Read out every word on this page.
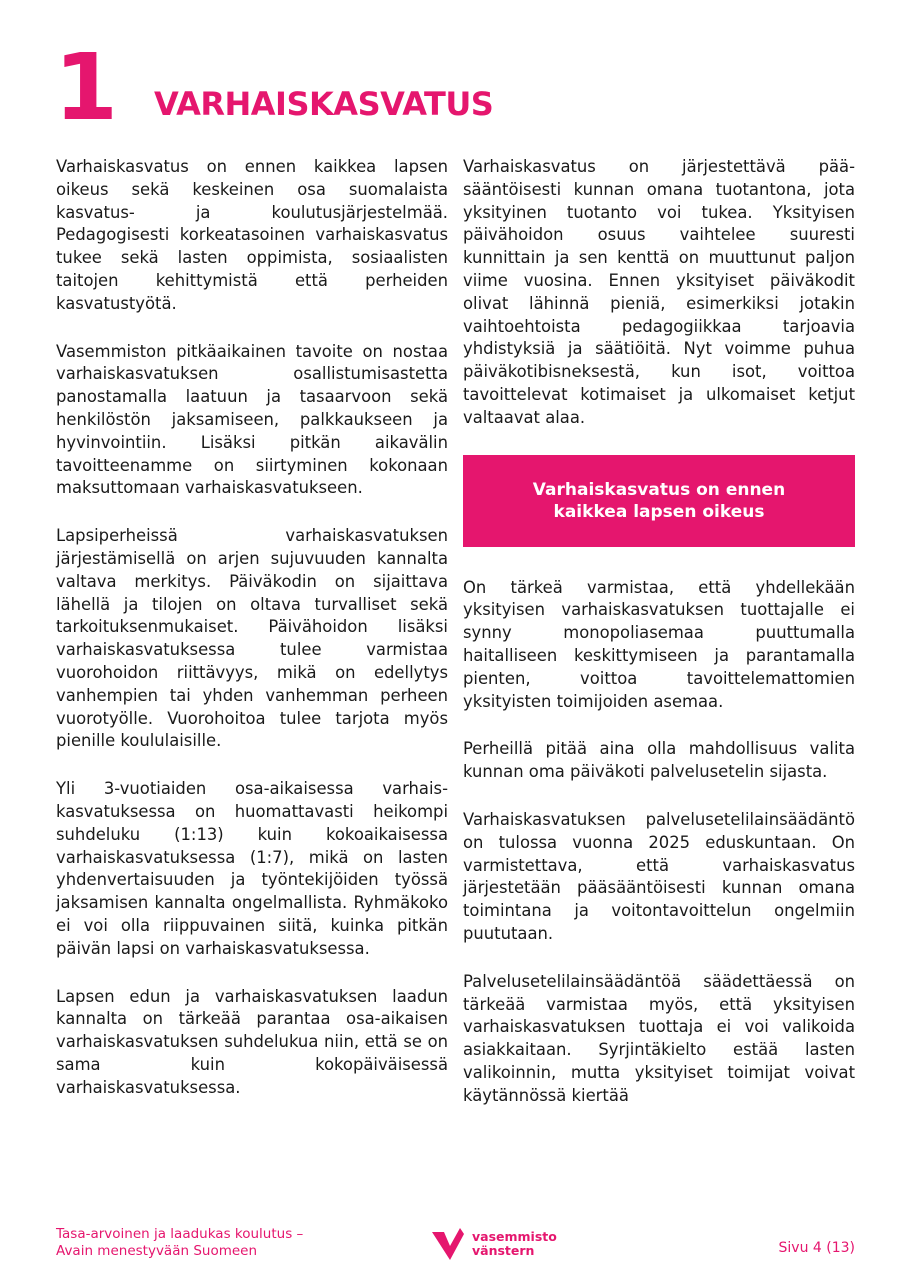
1 VARHAISKASVATUS

Varhaiskasvatus on ennen kaikkea lapsen oikeus sekä keskeinen osa suomalaista kasvatus- ja koulutusjärjestelmää. Pedagogisesti korkeatasoinen varhaiskasvatus tukee sekä lasten oppimista, sosiaalisten taitojen kehittymistä että perheiden kasvatustyötä.

Vasemmiston pitkäaikainen tavoite on nostaa varhaiskasvatuksen osallistumisastetta panostamalla laatuun ja tasaarvoon sekä henkilöstön jaksamiseen, palkkaukseen ja hyvinvointiin. Lisäksi pitkän aikavälin tavoitteenamme on siirtyminen kokonaan maksuttomaan varhaiskasvatukseen.

Lapsiperheissä varhaiskasvatuksen järjestämisellä on arjen sujuvuuden kannalta valtava merkitys. Päiväkodin on sijaittava lähellä ja tilojen on oltava turvalliset sekä tarkoituksenmukaiset. Päivähoidon lisäksi varhaiskasvatuksessa tulee varmistaa vuorohoidon riittävyys, mikä on edellytys vanhempien tai yhden vanhemman perheen vuorotyölle. Vuorohoitoa tulee tarjota myös pienille koululaisille.

Yli 3-vuotiaiden osa-aikaisessa varhaiskasvatuksessa on huomattavasti heikompi suhdeluku (1:13) kuin kokoaikaisessa varhaiskasvatuksessa (1:7), mikä on lasten yhdenvertaisuuden ja työntekijöiden työssä jaksamisen kannalta ongelmallista. Ryhmäkoko ei voi olla riippuvainen siitä, kuinka pitkän päivän lapsi on varhaiskasvatuksessa.

Lapsen edun ja varhaiskasvatuksen laadun kannalta on tärkeää parantaa osa-aikaisen varhaiskasvatuksen suhdelukua niin, että se on sama kuin kokopäiväisessä varhaiskasvatuksessa.

Varhaiskasvatus on järjestettävä pääsääntöisesti kunnan omana tuotantona, jota yksityinen tuotanto voi tukea. Yksityisen päivähoidon osuus vaihtelee suuresti kunnittain ja sen kenttä on muuttunut paljon viime vuosina. Ennen yksityiset päiväkodit olivat lähinnä pieniä, esimerkiksi jotakin vaihtoehtoista pedagogiikkaa tarjoavia yhdistyksiä ja säätiöitä. Nyt voimme puhua päiväkotibisneksestä, kun isot, voittoa tavoittelevat kotimaiset ja ulkomaiset ketjut valtaavat alaa.

Varhaiskasvatus on ennen kaikkea lapsen oikeus

On tärkeä varmistaa, että yhdellekään yksityisen varhaiskasvatuksen tuottajalle ei synny monopoliasemaa puuttumalla haitalliseen keskittymiseen ja parantamalla pienten, voittoa tavoittelemattomien yksityisten toimijoiden asemaa.

Perheillä pitää aina olla mahdollisuus valita kunnan oma päiväkoti palvelusetelin sijasta.

Varhaiskasvatuksen palvelusetelilainsäädäntö on tulossa vuonna 2025 eduskuntaan. On varmistettava, että varhaiskasvatus järjestetään pääsääntöisesti kunnan omana toimintana ja voitontavoittelun ongelmiin puututaan.

Palvelusetelilainsäädäntöä säädettäessä on tärkeää varmistaa myös, että yksityisen varhaiskasvatuksen tuottaja ei voi valikoida asiakkaitaan. Syrjintäkielto estää lasten valikoinnin, mutta yksityiset toimijat voivat käytännössä kiertää

Tasa-arvoinen ja laadukas koulutus –
Avain menestyvään Suomeen
vasemmisto
vänstern	Sivu 4 (13)
